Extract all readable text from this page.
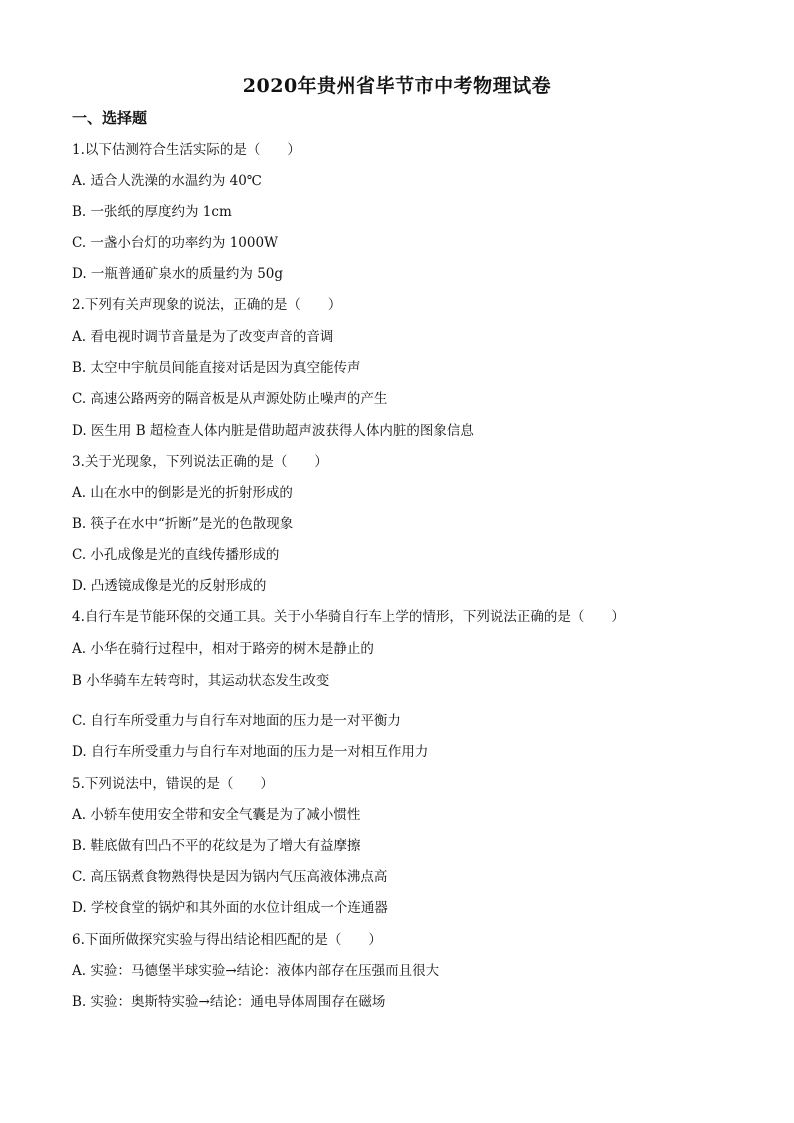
2020年贵州省毕节市中考物理试卷
一、选择题
1.以下估测符合生活实际的是（　　）
A. 适合人洗澡的水温约为 40℃
B. 一张纸的厚度约为 1cm
C. 一盏小台灯的功率约为 1000W
D. 一瓶普通矿泉水的质量约为 50g
2.下列有关声现象的说法，正确的是（　　）
A. 看电视时调节音量是为了改变声音的音调
B. 太空中宇航员间能直接对话是因为真空能传声
C. 高速公路两旁的隔音板是从声源处防止噪声的产生
D. 医生用 B 超检查人体内脏是借助超声波获得人体内脏的图象信息
3.关于光现象，下列说法正确的是（　　）
A. 山在水中的倒影是光的折射形成的
B. 筷子在水中“折断”是光的色散现象
C. 小孔成像是光的直线传播形成的
D. 凸透镜成像是光的反射形成的
4.自行车是节能环保的交通工具。关于小华骑自行车上学的情形，下列说法正确的是（　　）
A. 小华在骑行过程中，相对于路旁的树木是静止的
B 小华骑车左转弯时，其运动状态发生改变
C. 自行车所受重力与自行车对地面的压力是一对平衡力
D. 自行车所受重力与自行车对地面的压力是一对相互作用力
5.下列说法中，错误的是（　　）
A. 小轿车使用安全带和安全气囊是为了减小惯性
B. 鞋底做有凹凸不平的花纹是为了增大有益摩擦
C. 高压锅煮食物熟得快是因为锅内气压高液体沸点高
D. 学校食堂的锅炉和其外面的水位计组成一个连通器
6.下面所做探究实验与得出结论相匹配的是（　　）
A. 实验：马德堡半球实验→结论：液体内部存在压强而且很大
B. 实验：奥斯特实验→结论：通电导体周围存在磁场
